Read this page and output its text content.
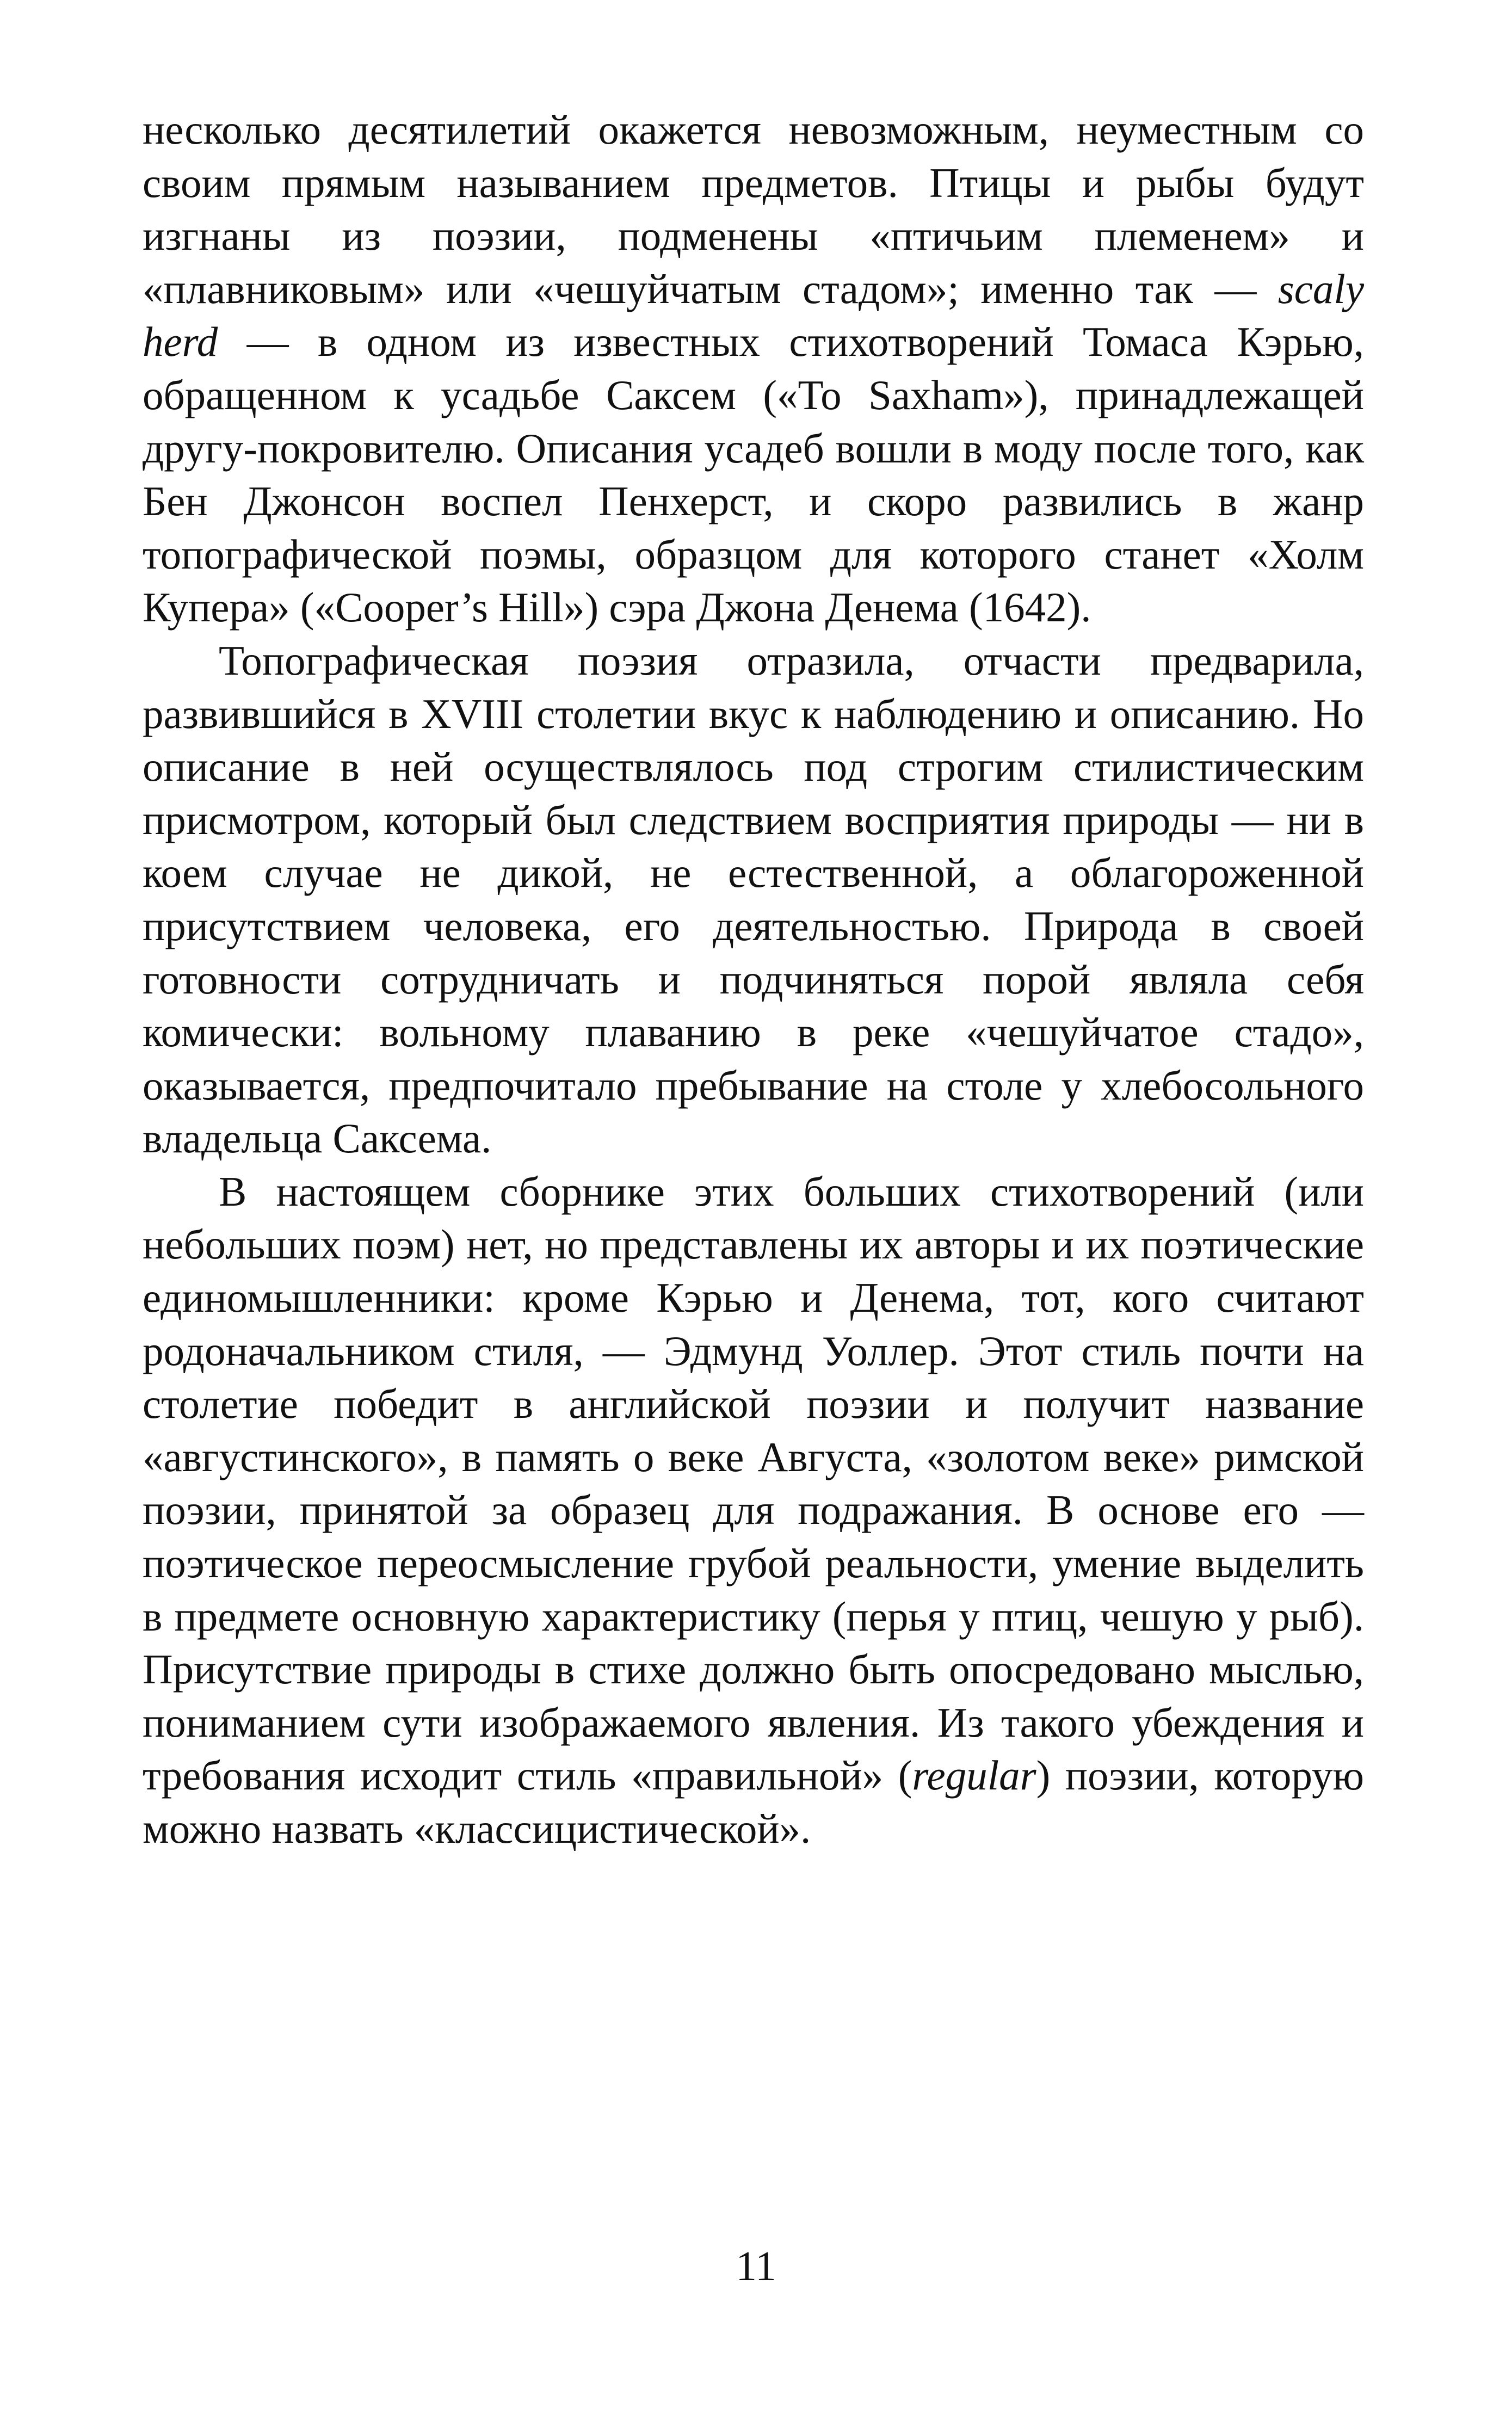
несколько десятилетий окажется невозможным, неуместным со своим прямым называнием предметов. Птицы и рыбы будут изгнаны из поэзии, подменены «птичьим племенем» и «плавниковым» или «чешуйчатым стадом»; именно так — scaly herd — в одном из известных стихотворений Томаса Кэрью, обращенном к усадьбе Саксем («To Saxham»), принадлежащей другу-покровителю. Описания усадеб вошли в моду после того, как Бен Джонсон воспел Пенхерст, и скоро развились в жанр топографической поэмы, образцом для которого станет «Холм Купера» («Cooper’s Hill») сэра Джона Денема (1642).

Топографическая поэзия отразила, отчасти предварила, развившийся в XVIII столетии вкус к наблюдению и описанию. Но описание в ней осуществлялось под строгим стилистическим присмотром, который был следствием восприятия природы — ни в коем случае не дикой, не естественной, а облагороженной присутствием человека, его деятельностью. Природа в своей готовности сотрудничать и подчиняться порой являла себя комически: вольному плаванию в реке «чешуйчатое стадо», оказывается, предпочитало пребывание на столе у хлебосольного владельца Саксема.

В настоящем сборнике этих больших стихотворений (или небольших поэм) нет, но представлены их авторы и их поэтические единомышленники: кроме Кэрью и Денема, тот, кого считают родоначальником стиля, — Эдмунд Уоллер. Этот стиль почти на столетие победит в английской поэзии и получит название «августинского», в память о веке Августа, «золотом веке» римской поэзии, принятой за образец для подражания. В основе его — поэтическое переосмысление грубой реальности, умение выделить в предмете основную характеристику (перья у птиц, чешую у рыб). Присутствие природы в стихе должно быть опосредовано мыслью, пониманием сути изображаемого явления. Из такого убеждения и требования исходит стиль «правильной» (regular) поэзии, которую можно назвать «классицистической».

11
